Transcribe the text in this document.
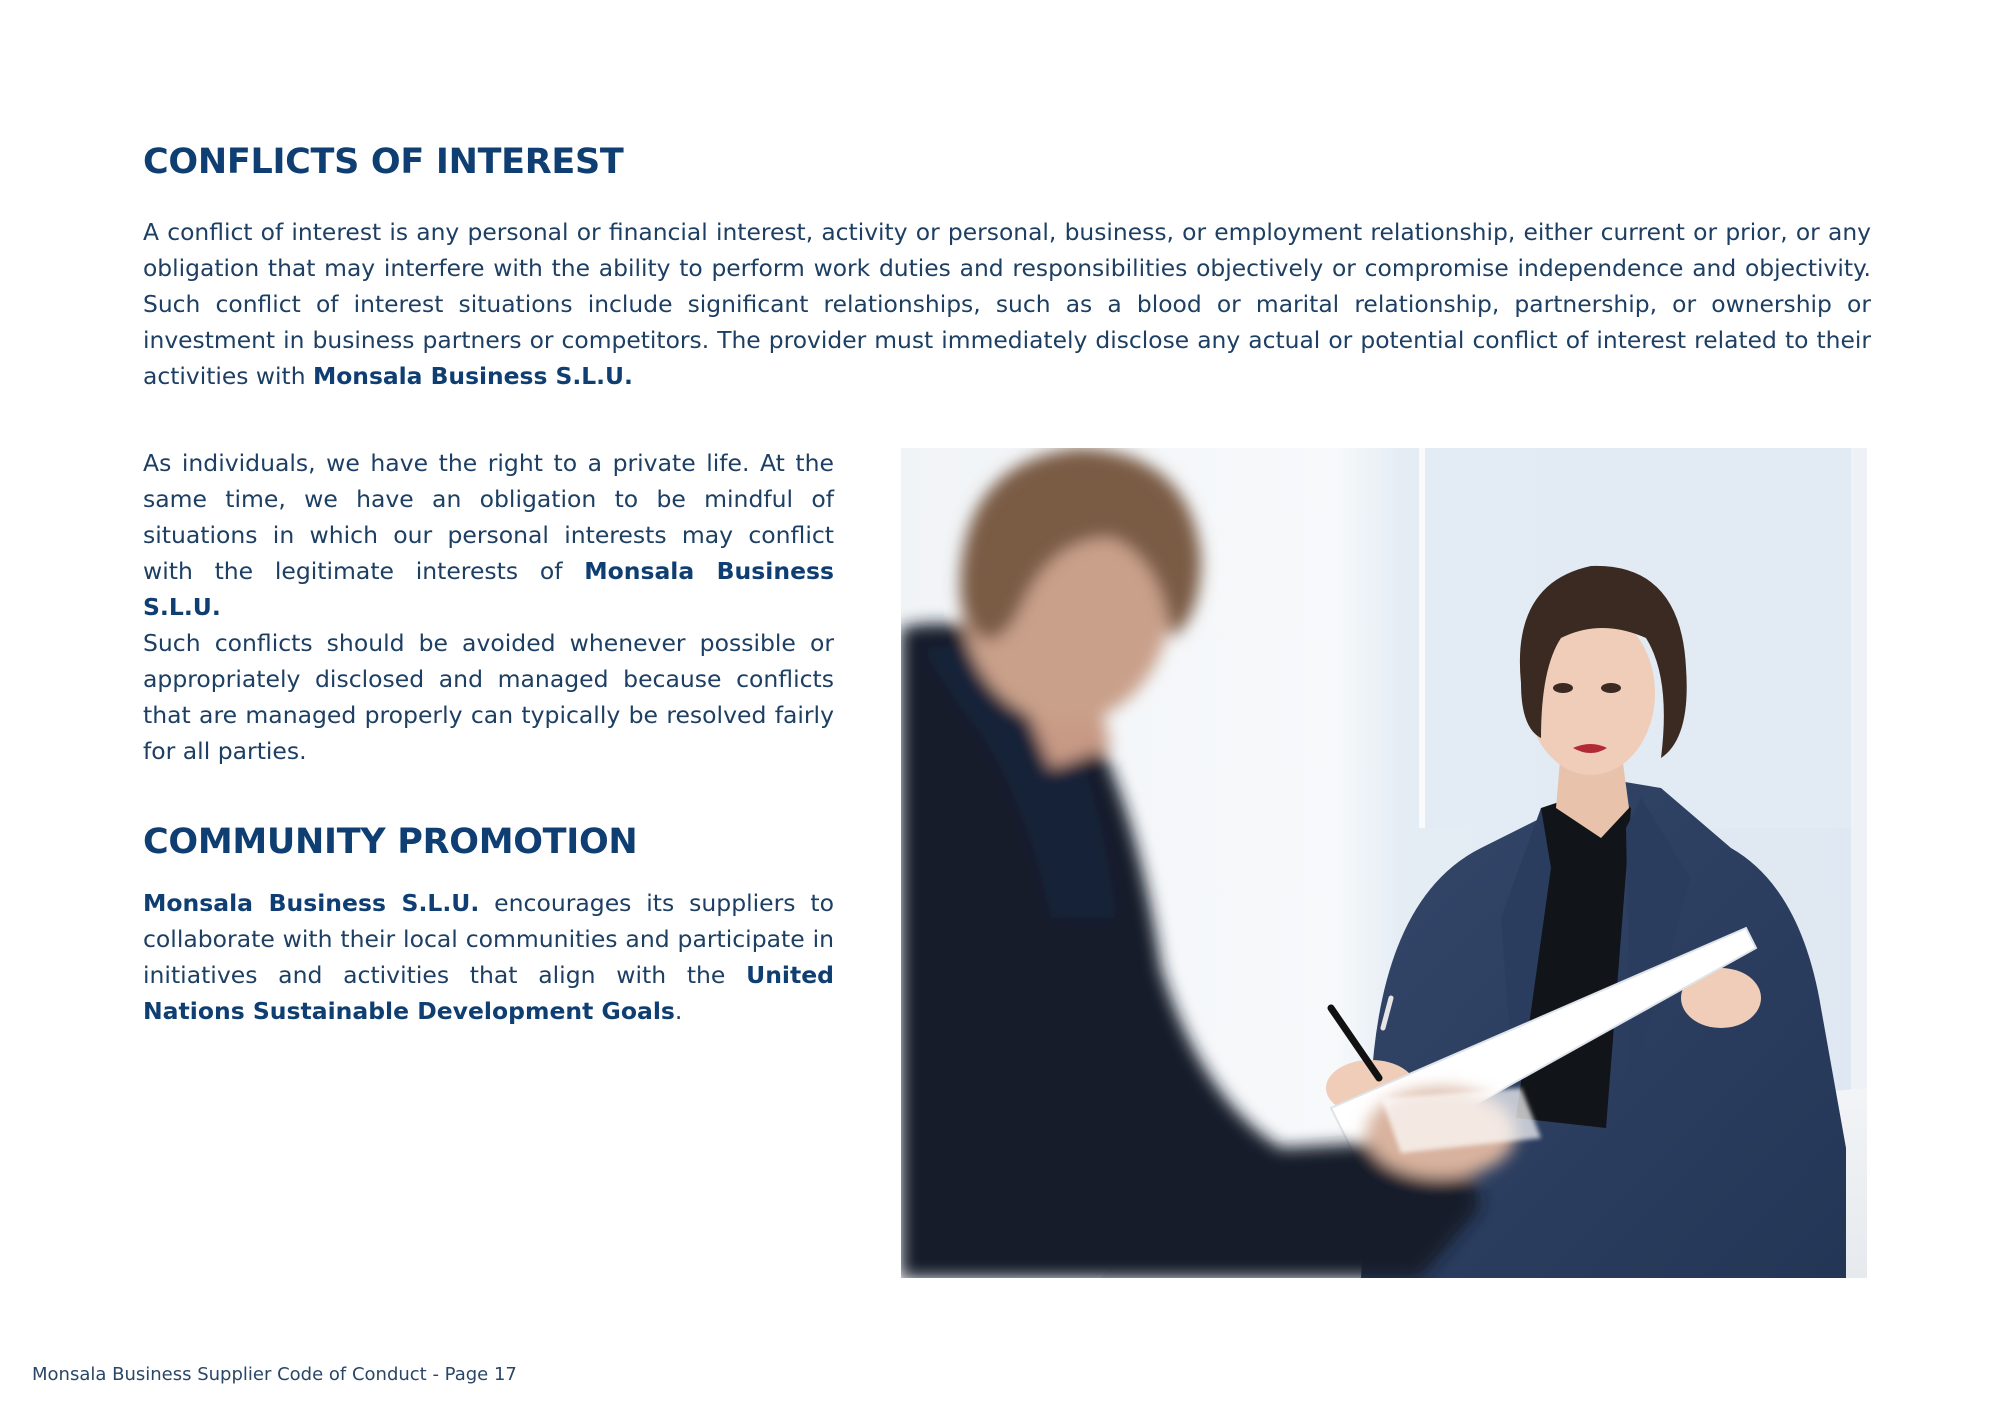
CONFLICTS OF INTEREST

A conflict of interest is any personal or financial interest, activity or personal, business, or employment relationship, either current or prior, or any obligation that may interfere with the ability to perform work duties and responsibilities objectively or compromise independence and objectivity. Such conflict of interest situations include significant relationships, such as a blood or marital relationship, partnership, or ownership or investment in business partners or competitors. The provider must immediately disclose any actual or potential conflict of interest related to their activities with Monsala Business S.L.U.

As individuals, we have the right to a private life. At the same time, we have an obligation to be mindful of situations in which our personal interests may conflict with the legitimate interests of Monsala Business S.L.U.

Such conflicts should be avoided whenever possible or appropriately disclosed and managed because conflicts that are managed properly can typically be resolved fairly for all parties.

COMMUNITY PROMOTION

Monsala Business S.L.U. encourages its suppliers to collaborate with their local communities and participate in initiatives and activities that align with the United Nations Sustainable Development Goals.

Monsala Business Supplier Code of Conduct - Page 17
